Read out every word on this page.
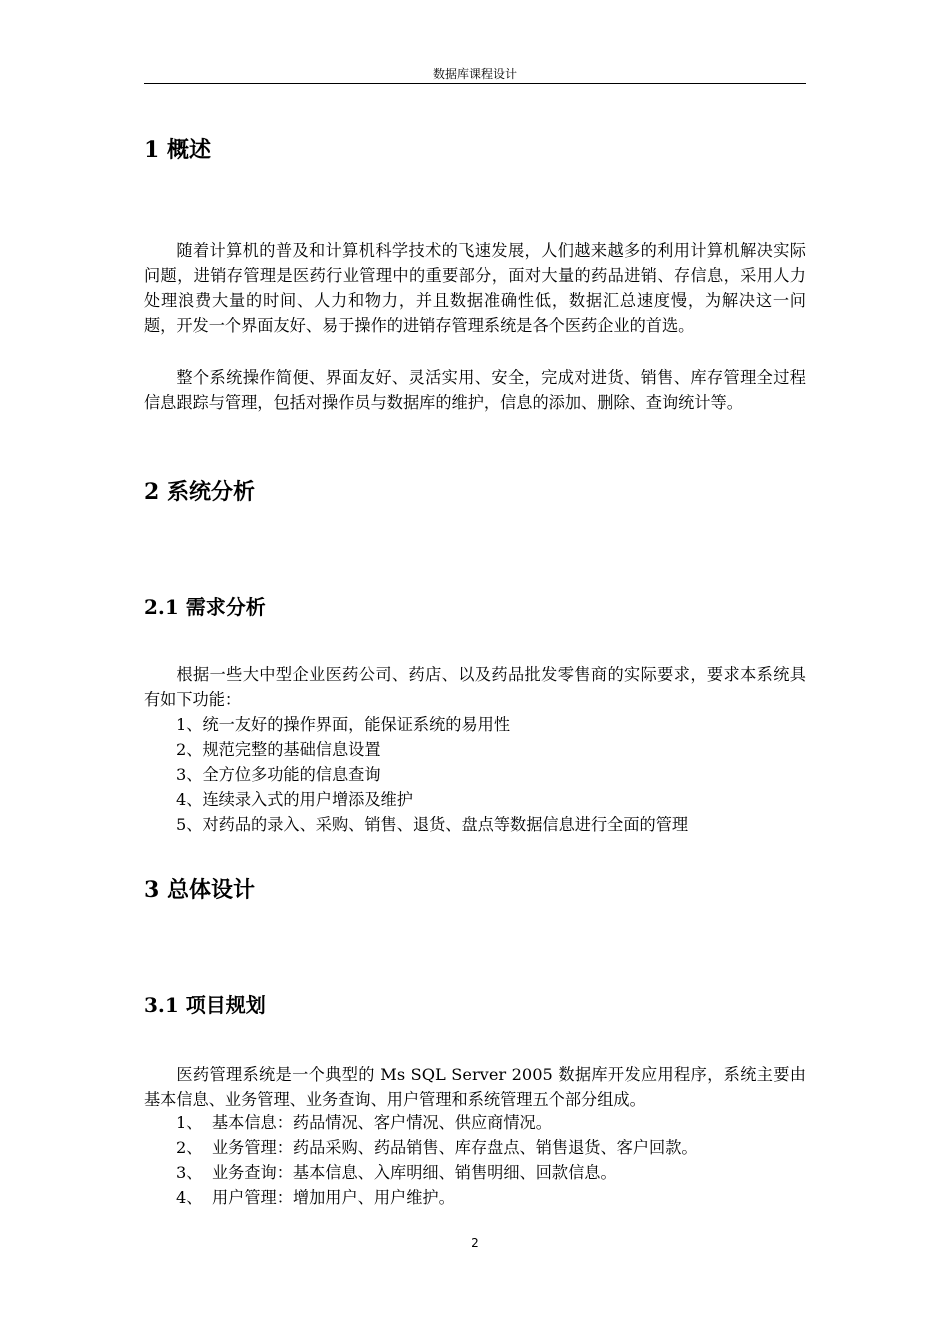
数据库课程设计
1 概述

随着计算机的普及和计算机科学技术的飞速发展，人们越来越多的利用计算机解决实际问题，进销存管理是医药行业管理中的重要部分，面对大量的药品进销、存信息，采用人力处理浪费大量的时间、人力和物力，并且数据准确性低，数据汇总速度慢，为解决这一问题，开发一个界面友好、易于操作的进销存管理系统是各个医药企业的首选。

整个系统操作简便、界面友好、灵活实用、安全，完成对进货、销售、库存管理全过程信息跟踪与管理，包括对操作员与数据库的维护，信息的添加、删除、查询统计等。

2 系统分析
2.1 需求分析

根据一些大中型企业医药公司、药店、以及药品批发零售商的实际要求，要求本系统具有如下功能：

1、统一友好的操作界面，能保证系统的易用性
2、规范完整的基础信息设置
3、全方位多功能的信息查询
4、连续录入式的用户增添及维护
5、对药品的录入、采购、销售、退货、盘点等数据信息进行全面的管理
3 总体设计
3.1 项目规划

医药管理系统是一个典型的 Ms SQL Server 2005 数据库开发应用程序，系统主要由基本信息、业务管理、业务查询、用户管理和系统管理五个部分组成。

1、 基本信息：药品情况、客户情况、供应商情况。
2、 业务管理：药品采购、药品销售、库存盘点、销售退货、客户回款。
3、 业务查询：基本信息、入库明细、销售明细、回款信息。
4、 用户管理：增加用户、用户维护。
2
